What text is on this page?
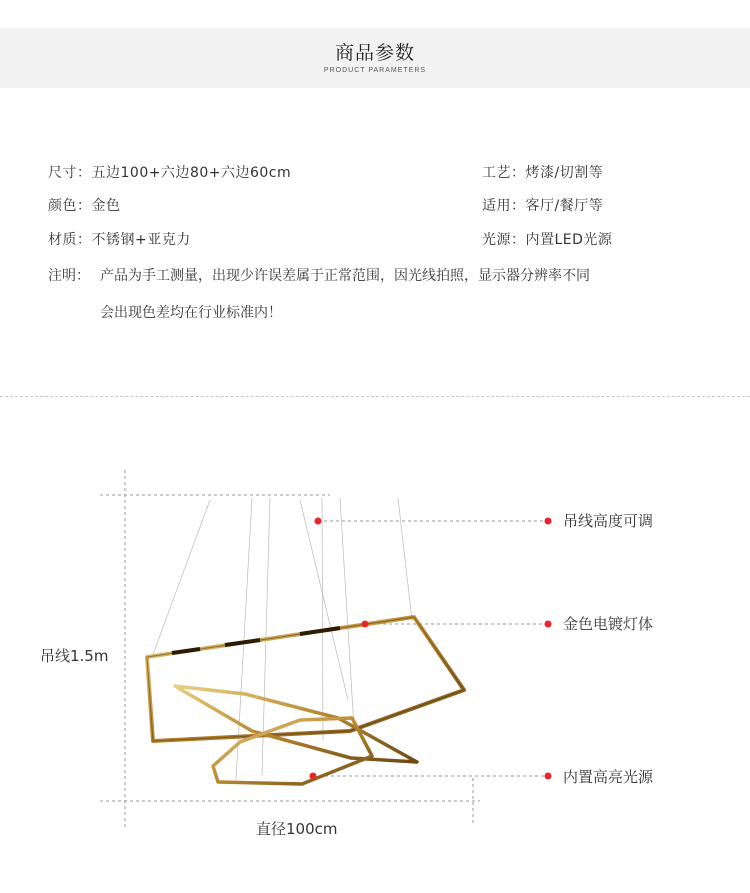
商品参数
PRODUCT PARAMETERS
尺寸：五边100+六边80+六边60cm
颜色：金色
材质：不锈钢+亚克力
工艺：烤漆/切割等
适用：客厅/餐厅等
光源：内置LED光源
注明： 产品为手工测量，出现少许误差属于正常范围，因光线拍照，显示器分辨率不同
会出现色差均在行业标准内！
吊线高度可调
金色电镀灯体
内置高亮光源
吊线1.5m
直径100cm
